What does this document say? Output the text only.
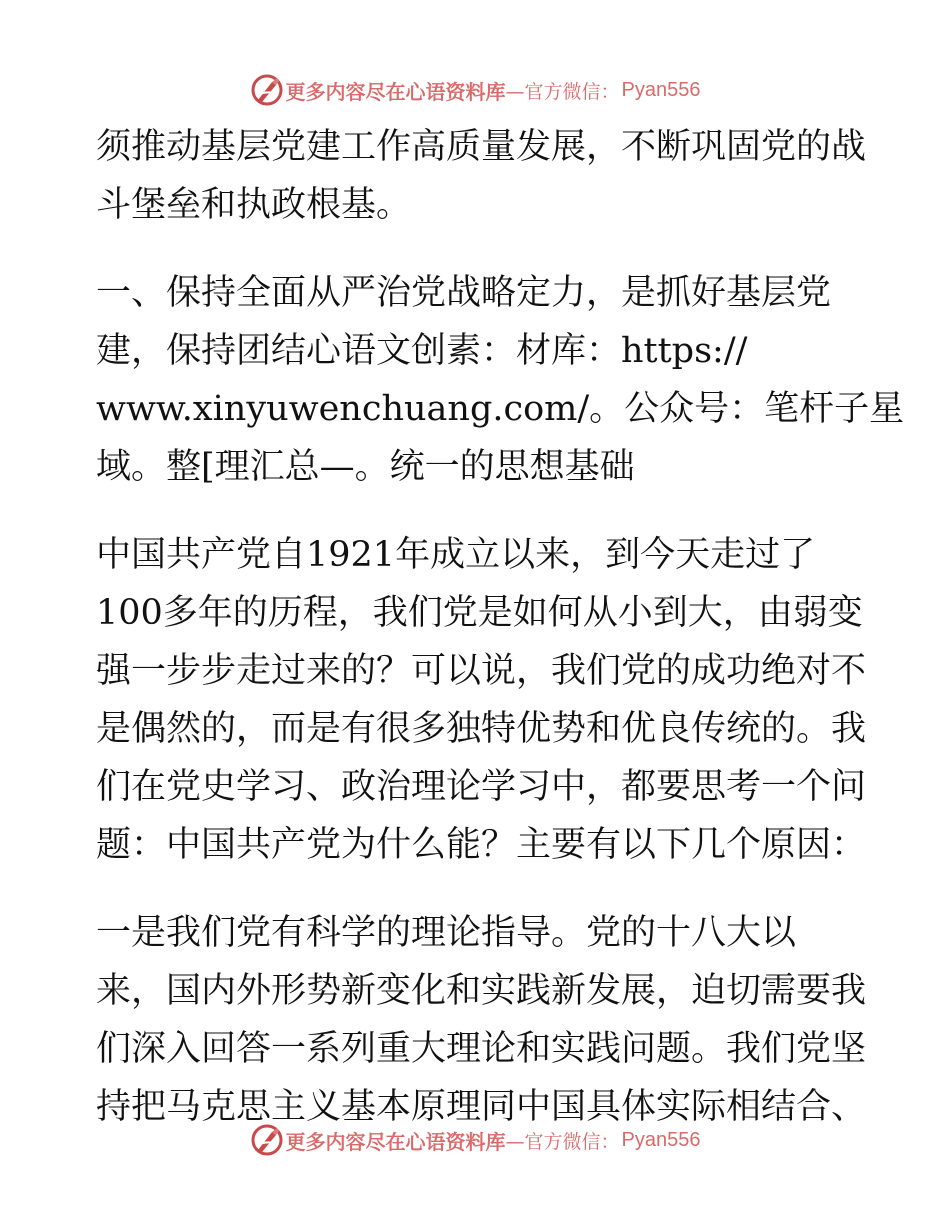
更多内容尽在心语资料库 —官方微信： Pyan556

须推动基层党建工作高质量发展，不断巩固党的战
斗堡垒和执政根基。

一、保持全面从严治党战略定力，是抓好基层党
建，保持团结心语文创素：材库：https://
www.xinyuwenchuang.com/。公众号：笔杆子星
域。整[理汇总—。统一的思想基础

中国共产党自1921年成立以来，到今天走过了
100多年的历程，我们党是如何从小到大，由弱变
强一步步走过来的？可以说，我们党的成功绝对不
是偶然的，而是有很多独特优势和优良传统的。我
们在党史学习、政治理论学习中，都要思考一个问
题：中国共产党为什么能？主要有以下几个原因：

一是我们党有科学的理论指导。党的十八大以
来，国内外形势新变化和实践新发展，迫切需要我
们深入回答一系列重大理论和实践问题。我们党坚
持把马克思主义基本原理同中国具体实际相结合、

更多内容尽在心语资料库 —官方微信： Pyan556
